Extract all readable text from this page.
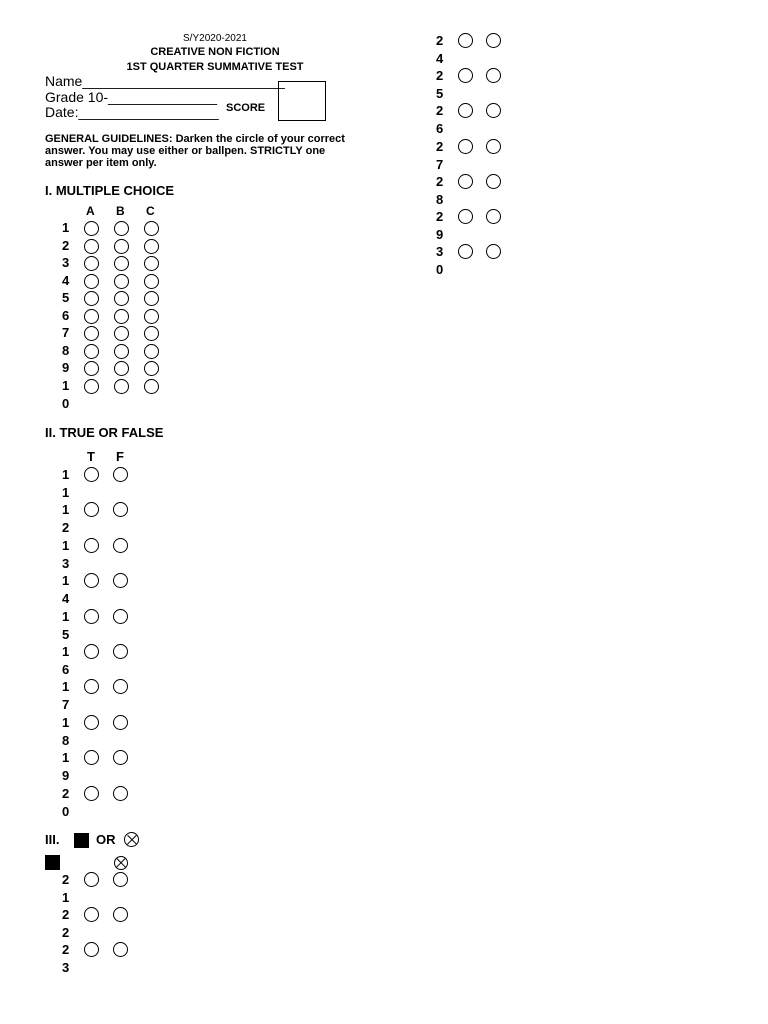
S/Y2020-2021
CREATIVE NON FICTION
1ST QUARTER SUMMATIVE TEST
Name__________________________
Grade 10-______________
Date:__________________ SCORE
GENERAL GUIDELINES: Darken the circle of your correct answer. You may use either or ballpen. STRICTLY one answer per item only.
I. MULTIPLE CHOICE
II. TRUE OR FALSE
III.	OR
A B C
1
2
3
4
5
6
7
8
9
1
0
T F
1
1
1
2
1
3
1
4
1
5
1
6
1
7
1
8
1
9
2
0
2
1
2
2
2
3
2
4
2
5
2
6
2
7
2
8
2
9
3
0
